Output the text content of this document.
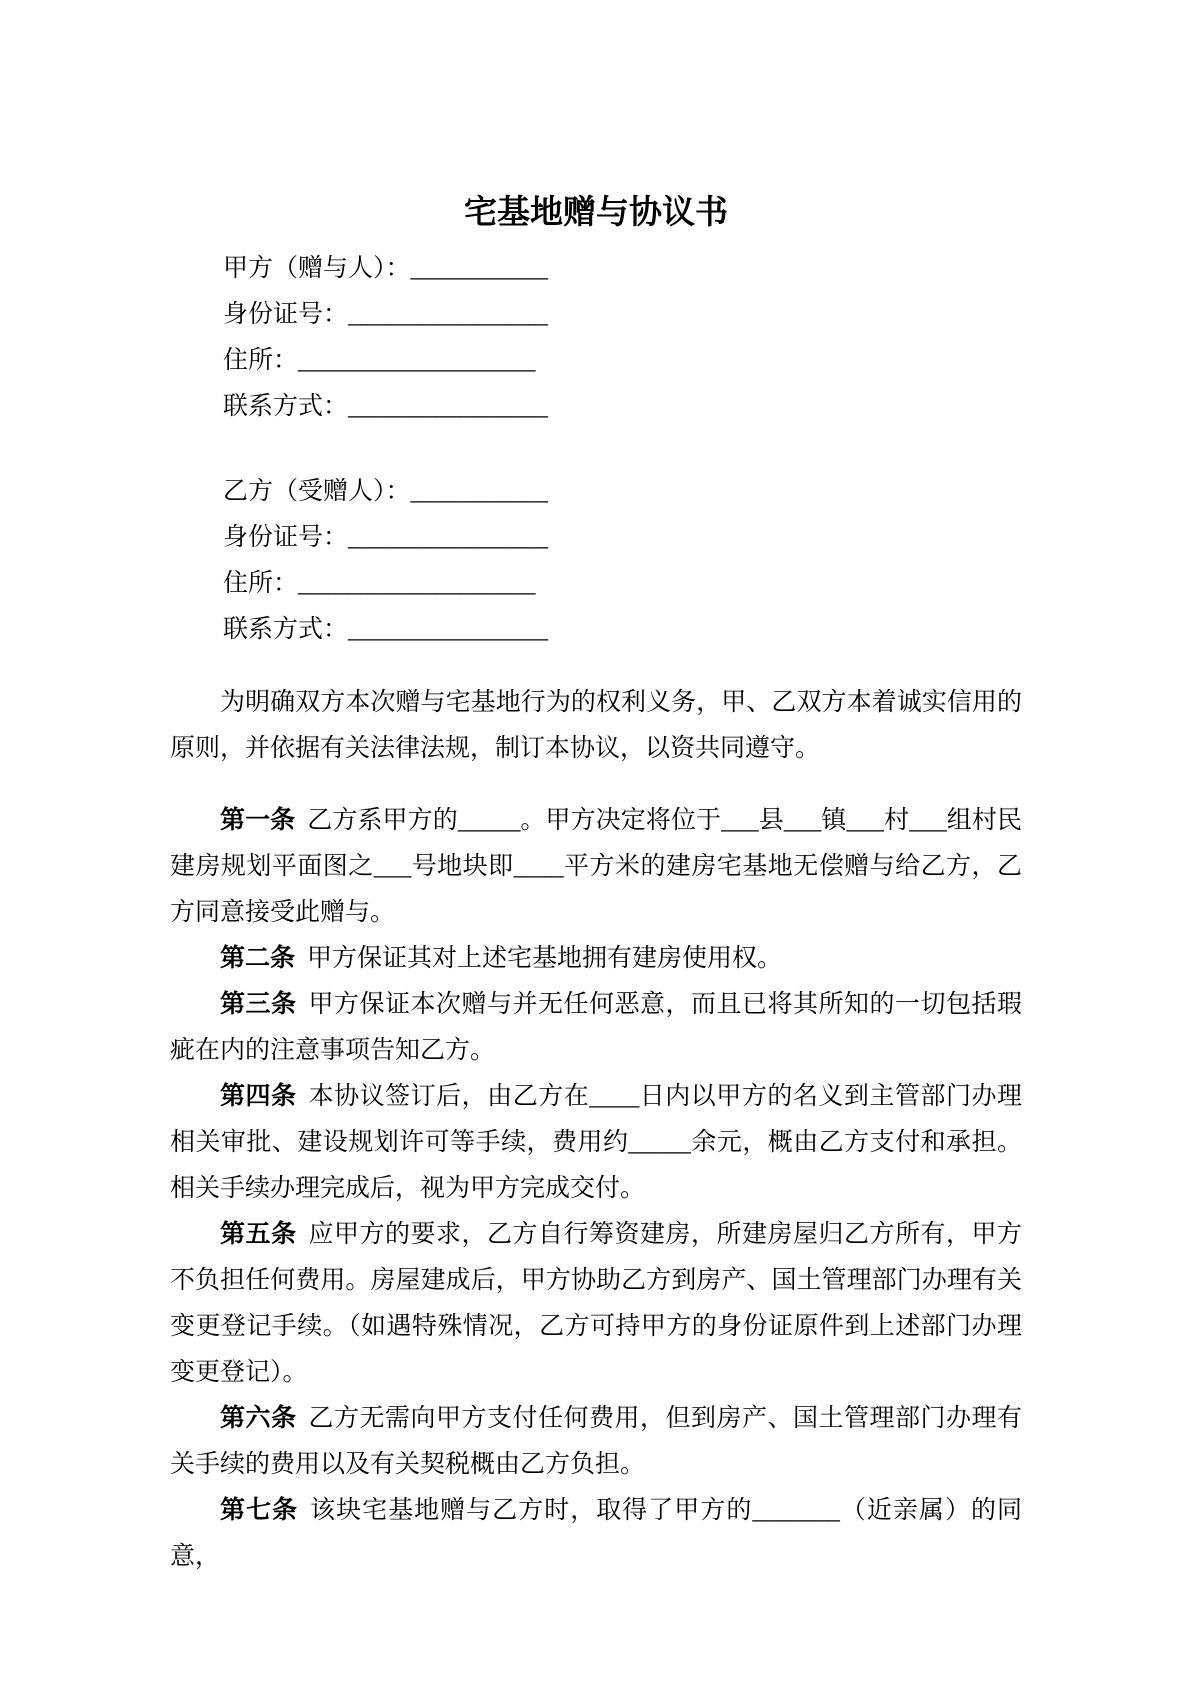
宅基地赠与协议书

甲方（赠与人）：___________

身份证号：________________

住所：___________________

联系方式：________________

乙方（受赠人）：___________

身份证号：________________

住所：___________________

联系方式：________________

为明确双方本次赠与宅基地行为的权利义务，甲、乙双方本着诚实信用的原则，并依据有关法律法规，制订本协议，以资共同遵守。

第一条 乙方系甲方的_____。甲方决定将位于___县___镇___村___组村民建房规划平面图之___号地块即____平方米的建房宅基地无偿赠与给乙方，乙方同意接受此赠与。

第二条 甲方保证其对上述宅基地拥有建房使用权。

第三条 甲方保证本次赠与并无任何恶意，而且已将其所知的一切包括瑕疵在内的注意事项告知乙方。

第四条 本协议签订后，由乙方在____日内以甲方的名义到主管部门办理相关审批、建设规划许可等手续，费用约_____余元，概由乙方支付和承担。相关手续办理完成后，视为甲方完成交付。

第五条 应甲方的要求，乙方自行筹资建房，所建房屋归乙方所有，甲方不负担任何费用。房屋建成后，甲方协助乙方到房产、国土管理部门办理有关变更登记手续。（如遇特殊情况，乙方可持甲方的身份证原件到上述部门办理变更登记）。

第六条 乙方无需向甲方支付任何费用，但到房产、国土管理部门办理有关手续的费用以及有关契税概由乙方负担。

第七条 该块宅基地赠与乙方时，取得了甲方的_______（近亲属）的同意，
